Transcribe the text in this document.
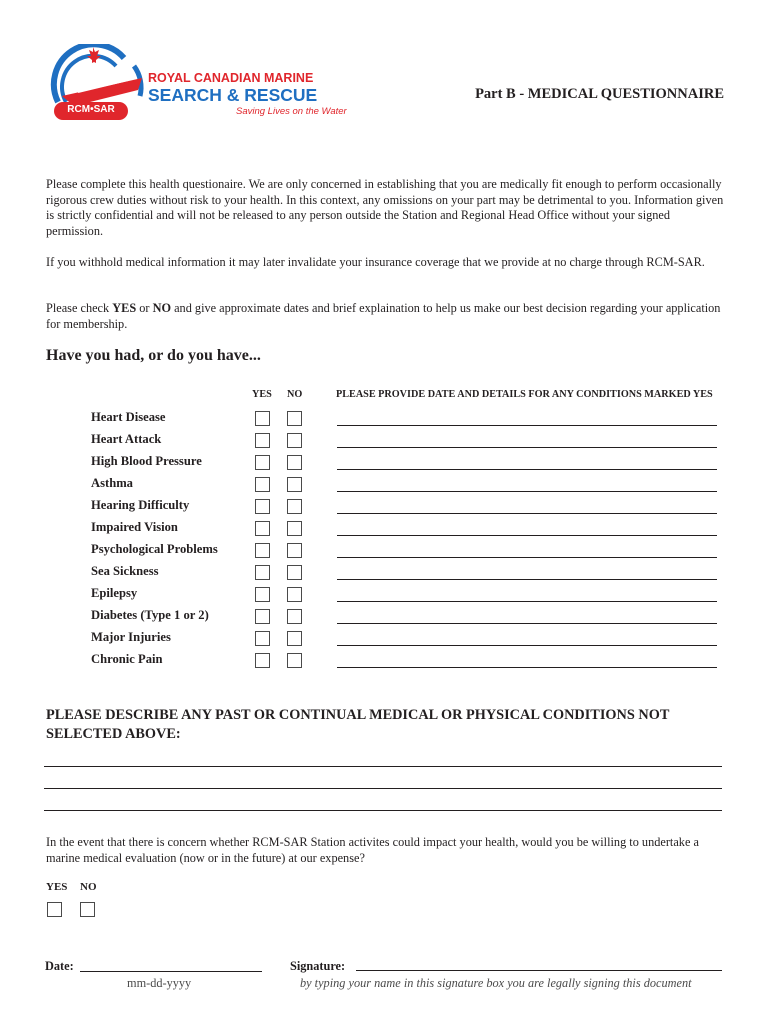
RCM•SAR
ROYAL CANADIAN MARINE
SEARCH & RESCUE
Saving Lives on the Water
Part B - MEDICAL QUESTIONNAIRE
Please complete this health questionaire. We are only concerned in establishing that you are medically fit enough to perform occasionally rigorous crew duties without risk to your health. In this context, any omissions on your part may be detrimental to you. Information given is strictly confidential and will not be released to any person outside the Station and Regional Head Office without your signed permission.
If you withhold medical information it may later invalidate your insurance coverage that we provide at no charge through RCM-SAR.
Please check YES or NO and give approximate dates and brief explaination to help us make our best decision regarding your application for membership.
Have you had, or do you have...
YES NO	PLEASE PROVIDE DATE AND DETAILS FOR ANY CONDITIONS MARKED YES
Heart Disease
Heart Attack
High Blood Pressure
Asthma
Hearing Difficulty
Impaired Vision
Psychological Problems
Sea Sickness
Epilepsy
Diabetes (Type 1 or 2)
Major Injuries
Chronic Pain
PLEASE DESCRIBE ANY PAST OR CONTINUAL MEDICAL OR PHYSICAL CONDITIONS NOT SELECTED ABOVE:
In the event that there is concern whether RCM-SAR Station activites could impact your health, would you be willing to undertake a marine medical evaluation (now or in the future) at our expense?
YES NO
Date:
mm-dd-yyyy
Signature:
by typing your name in this signature box you are legally signing this document
